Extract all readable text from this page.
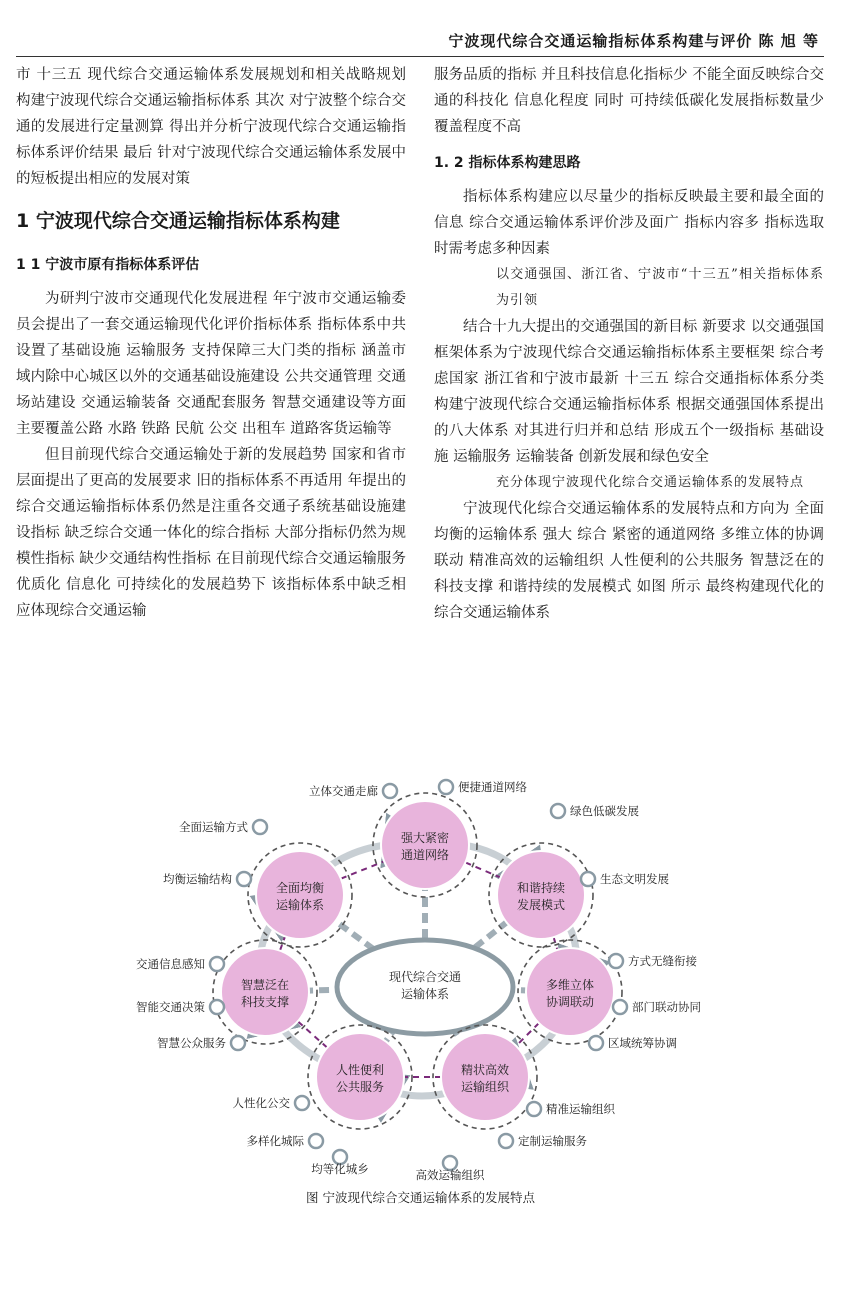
宁波现代综合交通运输指标体系构建与评价 陈 旭 等

市 十三五 现代综合交通运输体系发展规划和相关战略规划 构建宁波现代综合交通运输指标体系 其次 对宁波整个综合交通的发展进行定量测算 得出并分析宁波现代综合交通运输指标体系评价结果 最后 针对宁波现代综合交通运输体系发展中的短板提出相应的发展对策

1 宁波现代综合交通运输指标体系构建

1 1 宁波市原有指标体系评估

为研判宁波市交通现代化发展进程 年宁波市交通运输委员会提出了一套交通运输现代化评价指标体系 指标体系中共设置了基础设施 运输服务 支持保障三大门类的指标 涵盖市域内除中心城区以外的交通基础设施建设 公共交通管理 交通场站建设 交通运输装备 交通配套服务 智慧交通建设等方面 主要覆盖公路 水路 铁路 民航 公交 出租车 道路客货运输等

但目前现代综合交通运输处于新的发展趋势 国家和省市层面提出了更高的发展要求 旧的指标体系不再适用 年提出的综合交通运输指标体系仍然是注重各交通子系统基础设施建设指标 缺乏综合交通一体化的综合指标 大部分指标仍然为规模性指标 缺少交通结构性指标 在目前现代综合交通运输服务优质化 信息化 可持续化的发展趋势下 该指标体系中缺乏相应体现综合交通运输

服务品质的指标 并且科技信息化指标少 不能全面反映综合交通的科技化 信息化程度 同时 可持续低碳化发展指标数量少 覆盖程度不高

1. 2 指标体系构建思路

指标体系构建应以尽量少的指标反映最主要和最全面的信息 综合交通运输体系评价涉及面广 指标内容多 指标选取时需考虑多种因素

以交通强国、浙江省、宁波市“十三五”相关指标体系为引领

结合十九大提出的交通强国的新目标 新要求 以交通强国框架体系为宁波现代综合交通运输指标体系主要框架 综合考虑国家 浙江省和宁波市最新 十三五 综合交通指标体系分类 构建宁波现代综合交通运输指标体系 根据交通强国体系提出的八大体系 对其进行归并和总结 形成五个一级指标 基础设施 运输服务 运输装备 创新发展和绿色安全

充分体现宁波现代化综合交通运输体系的发展特点

宁波现代化综合交通运输体系的发展特点和方向为 全面均衡的运输体系 强大 综合 紧密的通道网络 多维立体的协调联动 精准高效的运输组织 人性便利的公共服务 智慧泛在的科技支撑 和谐持续的发展模式 如图 所示 最终构建现代化的综合交通运输体系

现代综合交通
运输体系
强大紧密
通道网络
立体交通走廊	便捷通道网络
和谐持续
发展模式
绿色低碳发展
生态文明发展
多维立体
协调联动
方式无缝衔接
部门联动协同
区域统筹协调
精状高效
运输组织
精准运输组织
定制运输服务
高效运输组织
人性便利
公共服务
均等化城乡
多样化城际
人性化公交
智慧泛在
科技支撑
智慧公众服务
智能交通决策
交通信息感知
全面均衡
运输体系
全面运输方式
均衡运输结构
图 宁波现代综合交通运输体系的发展特点
